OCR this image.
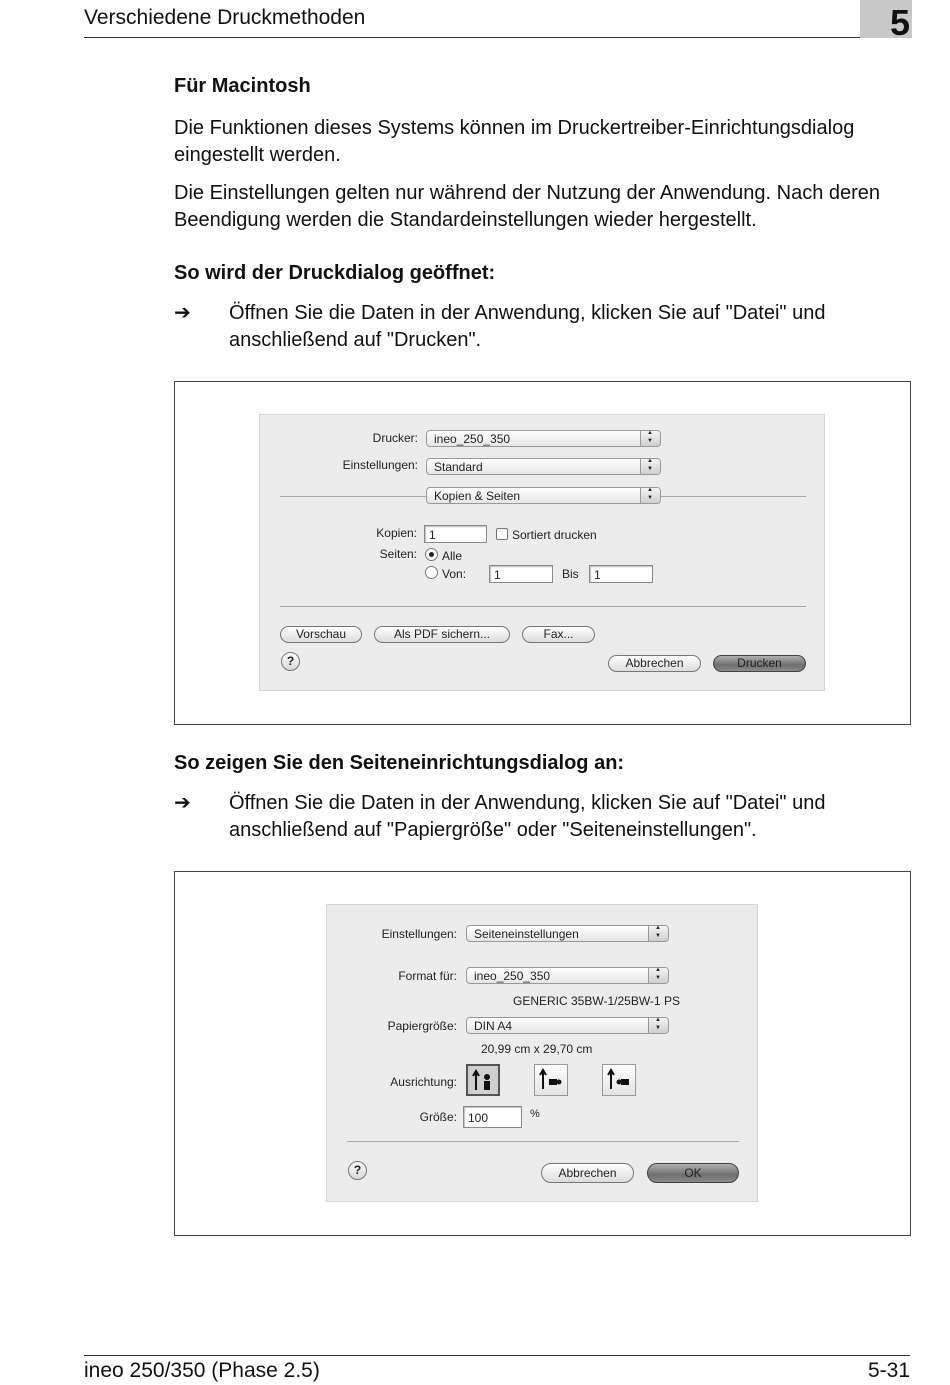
Verschiedene Druckmethoden	5
Für Macintosh
Die Funktionen dieses Systems können im Druckertreiber-Einrichtungsdialog eingestellt werden.
Die Einstellungen gelten nur während der Nutzung der Anwendung. Nach deren Beendigung werden die Standardeinstellungen wieder hergestellt.
So wird der Druckdialog geöffnet:
➔ Öffnen Sie die Daten in der Anwendung, klicken Sie auf "Datei" und anschließend auf "Drucken".
Drucker:	ineo_250_350
▲ ▼
Einstellungen:	Standard
▲ ▼
Kopien & Seiten
▲ ▼
Kopien:	1	Sortiert drucken
Seiten: Alle
Von:	1	Bis	1
Vorschau	Als PDF sichern...	Fax...
?	Abbrechen	Drucken
So zeigen Sie den Seiteneinrichtungsdialog an:
➔ Öffnen Sie die Daten in der Anwendung, klicken Sie auf "Datei" und anschließend auf "Papiergröße" oder "Seiteneinstellungen".
Einstellungen:	Seiteneinstellungen
▲ ▼
Format für:	ineo_250_350
▲ ▼
GENERIC 35BW-1/25BW-1 PS
Papiergröße:	DIN A4
▲ ▼
20,99 cm x 29,70 cm
Ausrichtung:
Größe: 100	%
?	Abbrechen	OK
ineo 250/350 (Phase 2.5)	5-31
